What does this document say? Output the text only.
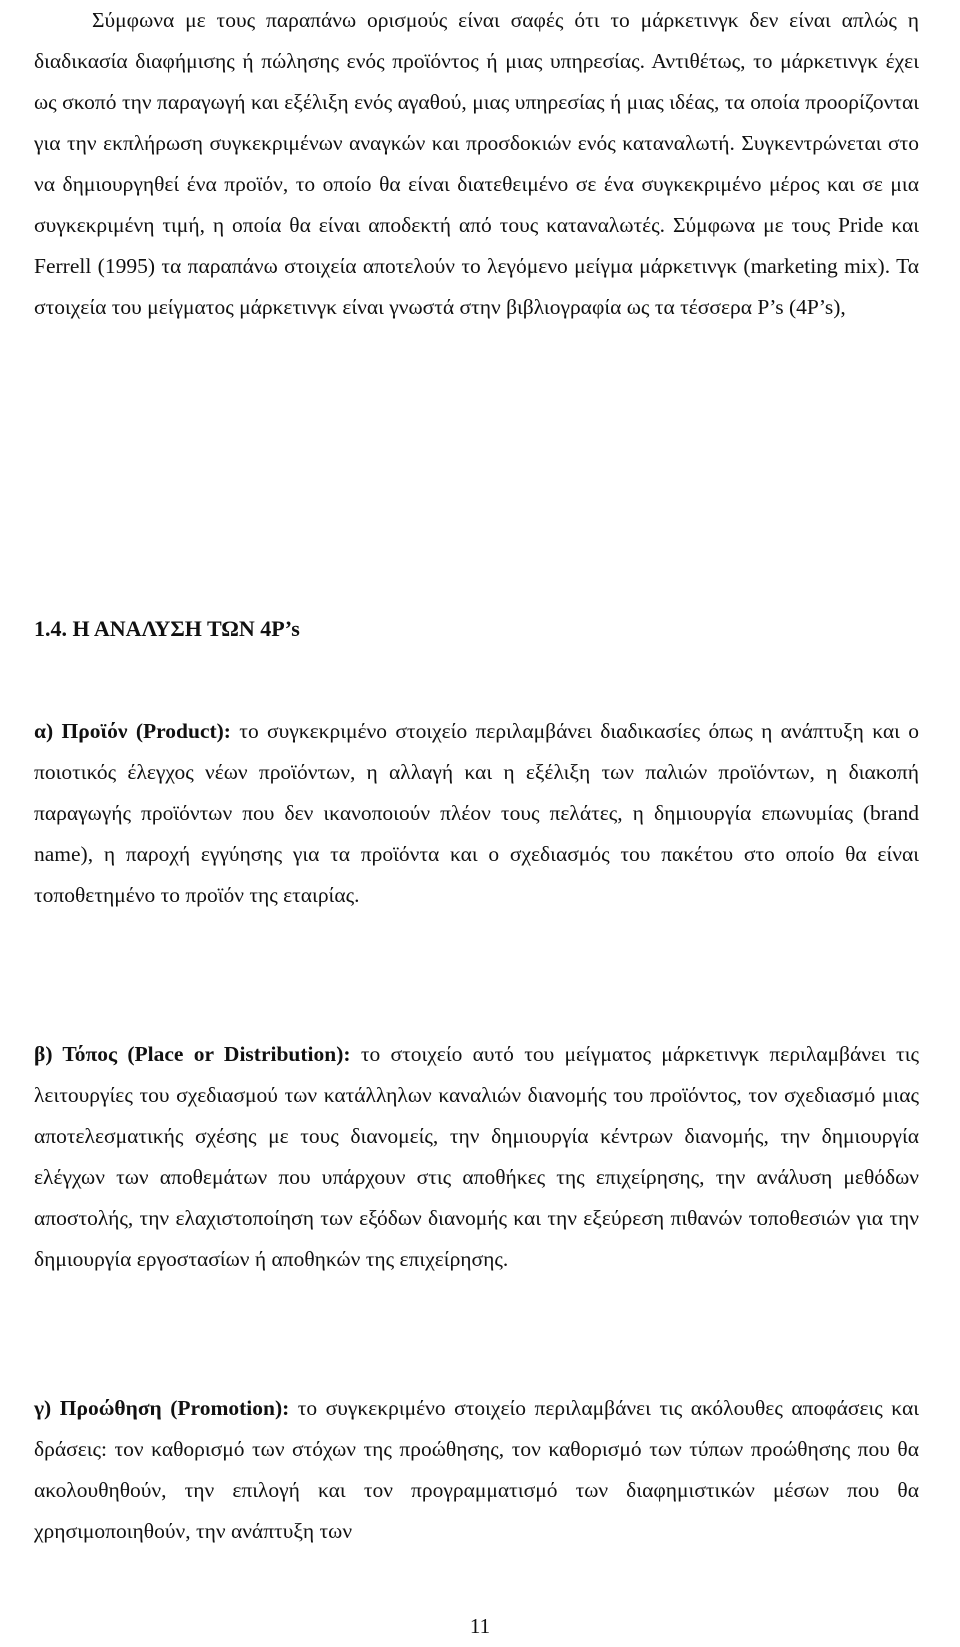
Σύμφωνα με τους παραπάνω ορισμούς είναι σαφές ότι το μάρκετινγκ δεν είναι απλώς η διαδικασία διαφήμισης ή πώλησης ενός προϊόντος ή μιας υπηρεσίας. Αντιθέτως, το μάρκετινγκ έχει ως σκοπό την παραγωγή και εξέλιξη ενός αγαθού, μιας υπηρεσίας ή μιας ιδέας, τα οποία προορίζονται για την εκπλήρωση συγκεκριμένων αναγκών και προσδοκιών ενός καταναλωτή. Συγκεντρώνεται στο να δημιουργηθεί ένα προϊόν, το οποίο θα είναι διατεθειμένο σε ένα συγκεκριμένο μέρος και σε μια συγκεκριμένη τιμή, η οποία θα είναι αποδεκτή από τους καταναλωτές. Σύμφωνα με τους Pride και Ferrell (1995) τα παραπάνω στοιχεία αποτελούν το λεγόμενο μείγμα μάρκετινγκ (marketing mix). Τα στοιχεία του μείγματος μάρκετινγκ είναι γνωστά στην βιβλιογραφία ως τα τέσσερα P’s (4P’s),

1.4. Η ΑΝΑΛΥΣΗ ΤΩΝ 4P’s

α) Προϊόν (Product): το συγκεκριμένο στοιχείο περιλαμβάνει διαδικασίες όπως η ανάπτυξη και ο ποιοτικός έλεγχος νέων προϊόντων, η αλλαγή και η εξέλιξη των παλιών προϊόντων, η διακοπή παραγωγής προϊόντων που δεν ικανοποιούν πλέον τους πελάτες, η δημιουργία επωνυμίας (brand name), η παροχή εγγύησης για τα προϊόντα και ο σχεδιασμός του πακέτου στο οποίο θα είναι τοποθετημένο το προϊόν της εταιρίας.

β) Τόπος (Place or Distribution): το στοιχείο αυτό του μείγματος μάρκετινγκ περιλαμβάνει τις λειτουργίες του σχεδιασμού των κατάλληλων καναλιών διανομής του προϊόντος, τον σχεδιασμό μιας αποτελεσματικής σχέσης με τους διανομείς, την δημιουργία κέντρων διανομής, την δημιουργία ελέγχων των αποθεμάτων που υπάρχουν στις αποθήκες της επιχείρησης, την ανάλυση μεθόδων αποστολής, την ελαχιστοποίηση των εξόδων διανομής και την εξεύρεση πιθανών τοποθεσιών για την δημιουργία εργοστασίων ή αποθηκών της επιχείρησης.

γ) Προώθηση (Promotion): το συγκεκριμένο στοιχείο περιλαμβάνει τις ακόλουθες αποφάσεις και δράσεις: τον καθορισμό των στόχων της προώθησης, τον καθορισμό των τύπων προώθησης που θα ακολουθηθούν, την επιλογή και τον προγραμματισμό των διαφημιστικών μέσων που θα χρησιμοποιηθούν, την ανάπτυξη των

11
